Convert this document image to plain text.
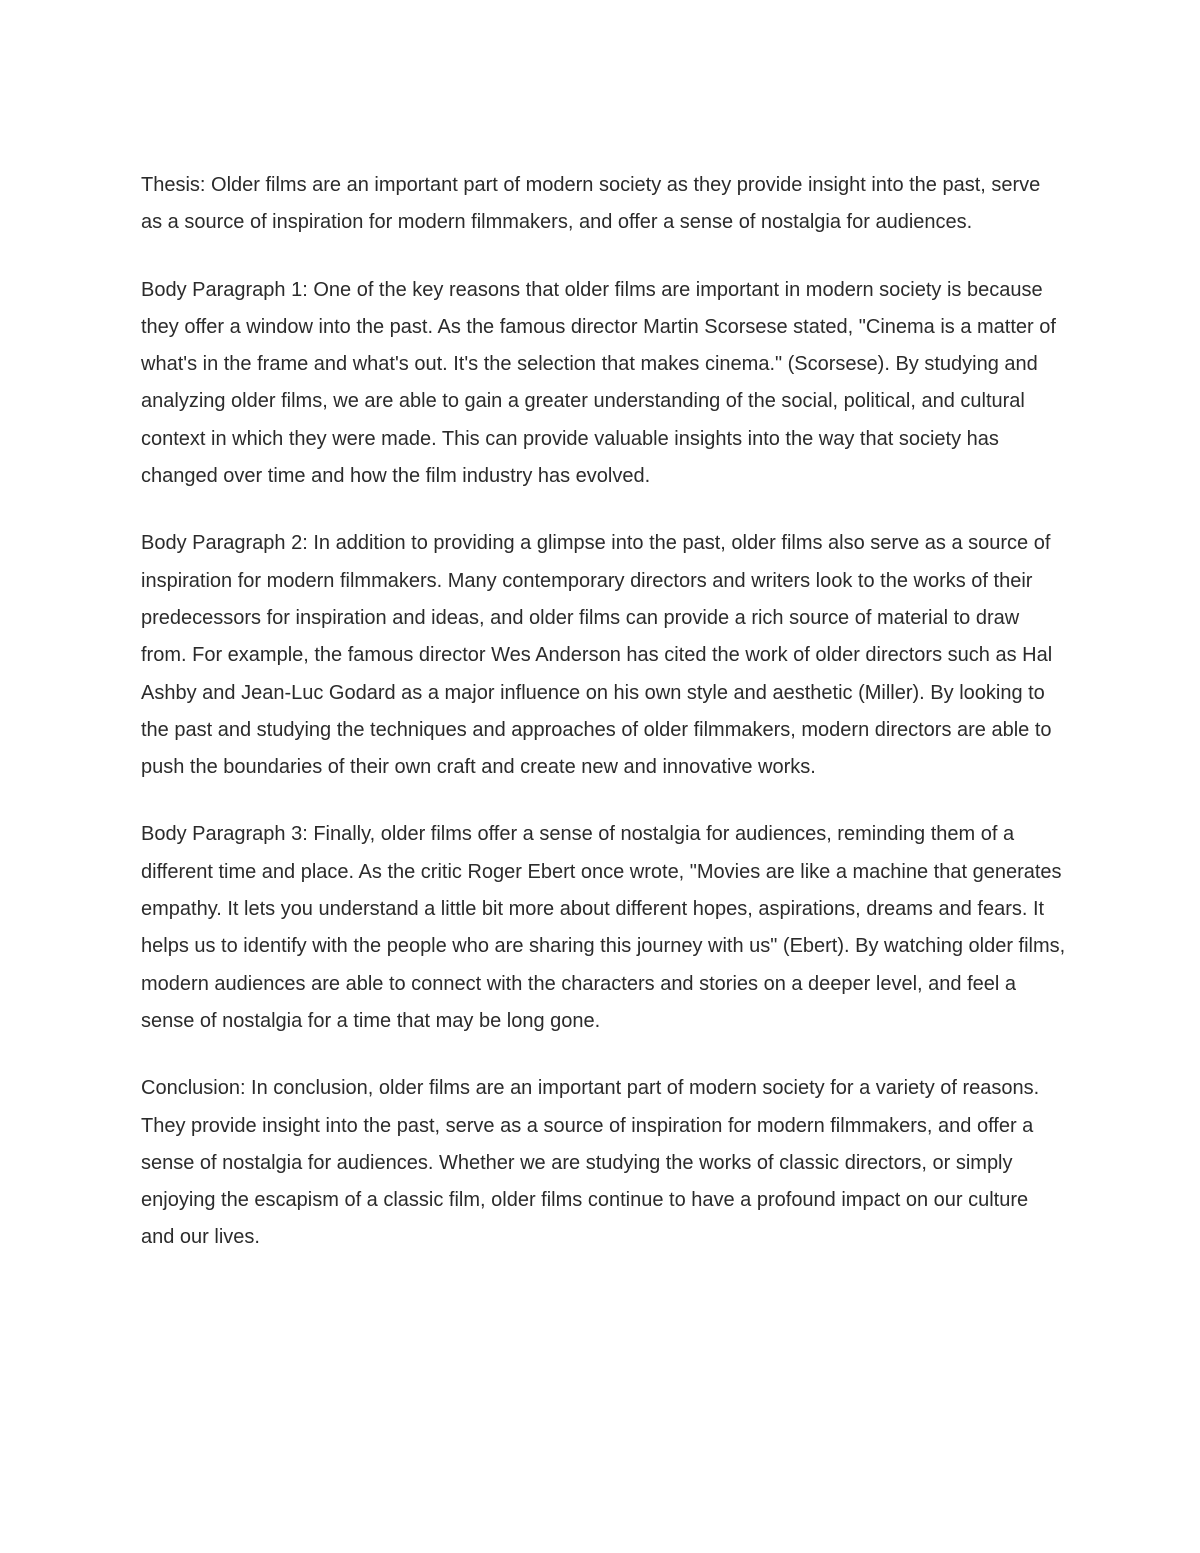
Thesis: Older films are an important part of modern society as they provide insight into the past, serve as a source of inspiration for modern filmmakers, and offer a sense of nostalgia for audiences.

Body Paragraph 1: One of the key reasons that older films are important in modern society is because they offer a window into the past. As the famous director Martin Scorsese stated, "Cinema is a matter of what's in the frame and what's out. It's the selection that makes cinema." (Scorsese). By studying and analyzing older films, we are able to gain a greater understanding of the social, political, and cultural context in which they were made. This can provide valuable insights into the way that society has changed over time and how the film industry has evolved.

Body Paragraph 2: In addition to providing a glimpse into the past, older films also serve as a source of inspiration for modern filmmakers. Many contemporary directors and writers look to the works of their predecessors for inspiration and ideas, and older films can provide a rich source of material to draw from. For example, the famous director Wes Anderson has cited the work of older directors such as Hal Ashby and Jean-Luc Godard as a major influence on his own style and aesthetic (Miller). By looking to the past and studying the techniques and approaches of older filmmakers, modern directors are able to push the boundaries of their own craft and create new and innovative works.

Body Paragraph 3: Finally, older films offer a sense of nostalgia for audiences, reminding them of a different time and place. As the critic Roger Ebert once wrote, "Movies are like a machine that generates empathy. It lets you understand a little bit more about different hopes, aspirations, dreams and fears. It helps us to identify with the people who are sharing this journey with us" (Ebert). By watching older films, modern audiences are able to connect with the characters and stories on a deeper level, and feel a sense of nostalgia for a time that may be long gone.

Conclusion: In conclusion, older films are an important part of modern society for a variety of reasons. They provide insight into the past, serve as a source of inspiration for modern filmmakers, and offer a sense of nostalgia for audiences. Whether we are studying the works of classic directors, or simply enjoying the escapism of a classic film, older films continue to have a profound impact on our culture and our lives.
